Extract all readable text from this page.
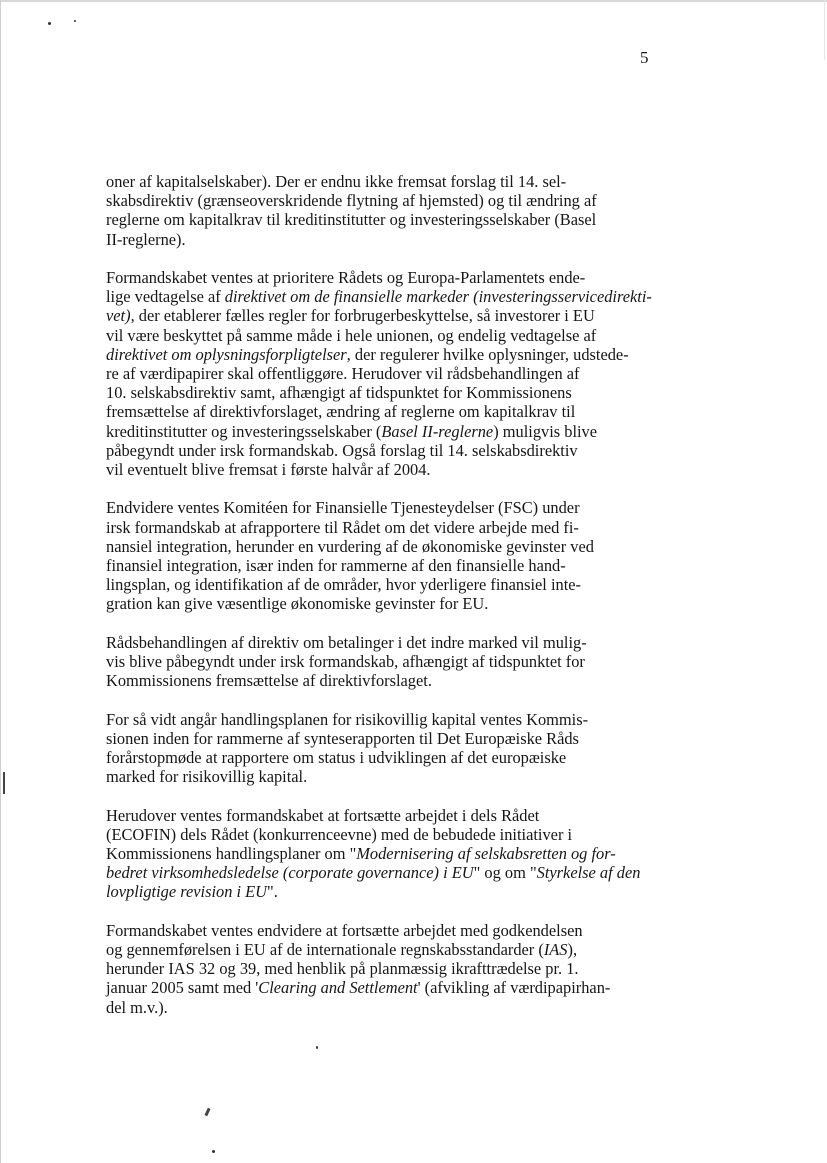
5

oner af kapitalselskaber). Der er endnu ikke fremsat forslag til 14. sel-
skabsdirektiv (grænseoverskridende flytning af hjemsted) og til ændring af
reglerne om kapitalkrav til kreditinstitutter og investeringsselskaber (Basel
II-reglerne).

Formandskabet ventes at prioritere Rådets og Europa-Parlamentets ende-
lige vedtagelse af direktivet om de finansielle markeder (investeringsservicedirekti-
vet), der etablerer fælles regler for forbrugerbeskyttelse, så investorer i EU
vil være beskyttet på samme måde i hele unionen, og endelig vedtagelse af
direktivet om oplysningsforpligtelser, der regulerer hvilke oplysninger, udstede-
re af værdipapirer skal offentliggøre. Herudover vil rådsbehandlingen af
10. selskabsdirektiv samt, afhængigt af tidspunktet for Kommissionens
fremsættelse af direktivforslaget, ændring af reglerne om kapitalkrav til
kreditinstitutter og investeringsselskaber (Basel II-reglerne) muligvis blive
påbegyndt under irsk formandskab. Også forslag til 14. selskabsdirektiv
vil eventuelt blive fremsat i første halvår af 2004.

Endvidere ventes Komitéen for Finansielle Tjenesteydelser (FSC) under
irsk formandskab at afrapportere til Rådet om det videre arbejde med fi-
nansiel integration, herunder en vurdering af de økonomiske gevinster ved
finansiel integration, især inden for rammerne af den finansielle hand-
lingsplan, og identifikation af de områder, hvor yderligere finansiel inte-
gration kan give væsentlige økonomiske gevinster for EU.

Rådsbehandlingen af direktiv om betalinger i det indre marked vil mulig-
vis blive påbegyndt under irsk formandskab, afhængigt af tidspunktet for
Kommissionens fremsættelse af direktivforslaget.

For så vidt angår handlingsplanen for risikovillig kapital ventes Kommis-
sionen inden for rammerne af synteserapporten til Det Europæiske Råds
forårstopmøde at rapportere om status i udviklingen af det europæiske
marked for risikovillig kapital.

Herudover ventes formandskabet at fortsætte arbejdet i dels Rådet
(ECOFIN) dels Rådet (konkurrenceevne) med de bebudede initiativer i
Kommissionens handlingsplaner om "Modernisering af selskabsretten og for-
bedret virksomhedsledelse (corporate governance) i EU" og om "Styrkelse af den
lovpligtige revision i EU".

Formandskabet ventes endvidere at fortsætte arbejdet med godkendelsen
og gennemførelsen i EU af de internationale regnskabsstandarder (IAS),
herunder IAS 32 og 39, med henblik på planmæssig ikrafttrædelse pr. 1.
januar 2005 samt med 'Clearing and Settlement' (afvikling af værdipapirhan-
del m.v.).
